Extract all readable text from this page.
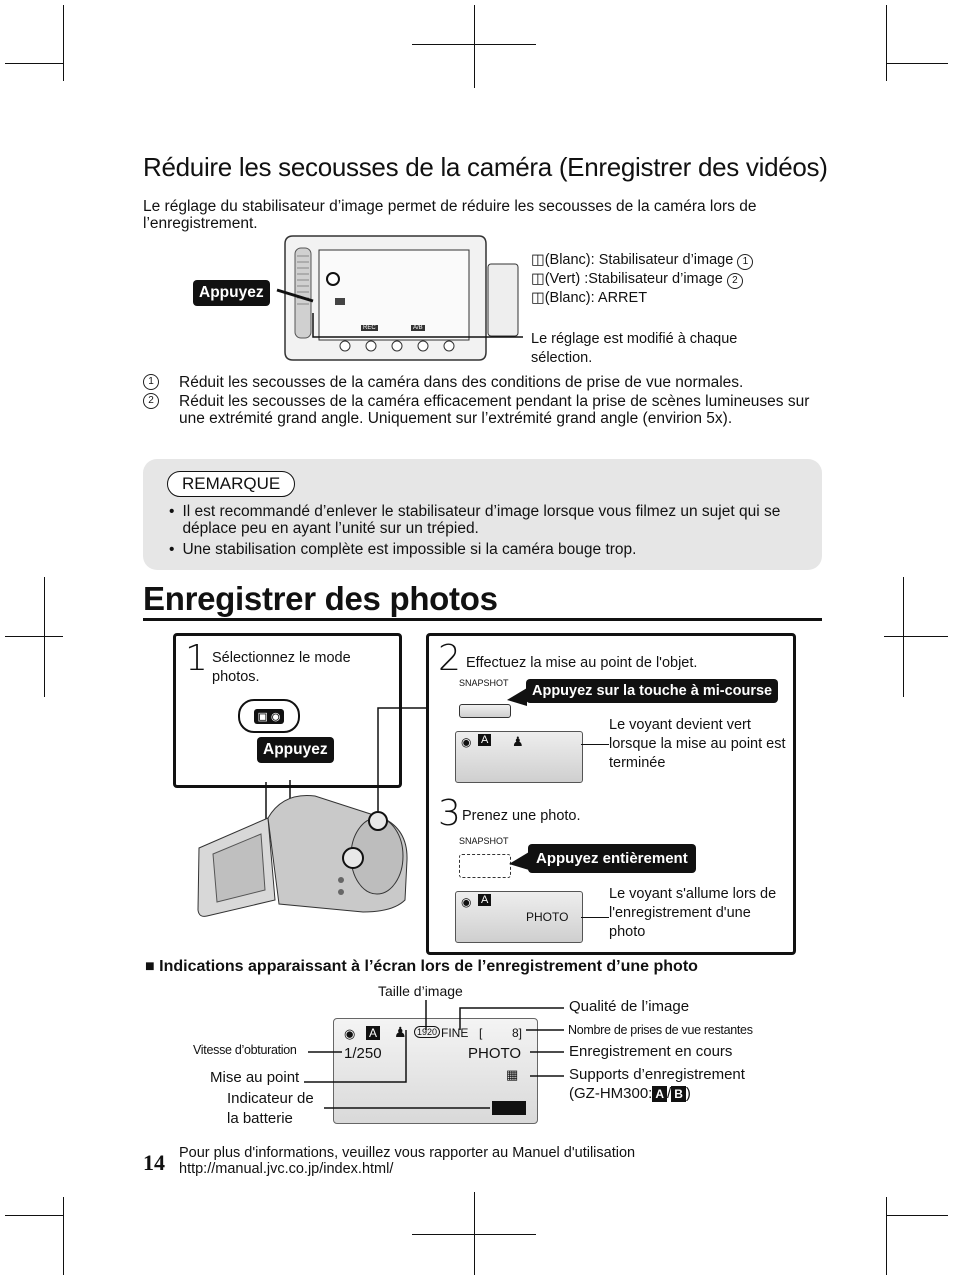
Réduire les secousses de la caméra (Enregistrer des vidéos)
Le réglage du stabilisateur d’image permet de réduire les secousses de la caméra lors de l’enregistrement.
REC	A/B
Appuyez
◫(Blanc): Stabilisateur d’image 1
◫(Vert) :Stabilisateur d’image 2
◫(Blanc): ARRET
Le réglage est modifié à chaque sélection.
1	Réduit les secousses de la caméra dans des conditions de prise de vue normales.
2	Réduit les secousses de la caméra efficacement pendant la prise de scènes lumineuses sur une extrémité grand angle. Uniquement sur l’extrémité grand angle (envirion 5x).
REMARQUE
• Il est recommandé d’enlever le stabilisateur d’image lorsque vous filmez un sujet qui se déplace peu en ayant l’unité sur un trépied.
• Une stabilisation complète est impossible si la caméra bouge trop.
Enregistrer des photos
1 Sélectionnez le mode photos.
▣ ◉
Appuyez
2 Effectuez la mise au point de l'objet.
SNAPSHOT	Appuyez sur la touche à mi-course
◉ A ♟
Le voyant devient vert lorsque la mise au point est terminée
3 Prenez une photo.
SNAPSHOT
Appuyez entièrement
◉ A
PHOTO
Le voyant s'allume lors de l'enregistrement d'une photo
■ Indications apparaissant à l’écran lors de l’enregistrement d’une photo
◉ A ♟	1920 FINE [ 8]
1/250	PHOTO
▦
Taille d’image
Qualité de l’image
Nombre de prises de vue restantes
Vitesse d’obturation	Enregistrement en cours
Mise au point	Supports d’enregistrement
(GZ-HM300: A / B )
Indicateur de
la batterie
14 Pour plus d'informations, veuillez vous rapporter au Manuel d'utilisation
http://manual.jvc.co.jp/index.html/
